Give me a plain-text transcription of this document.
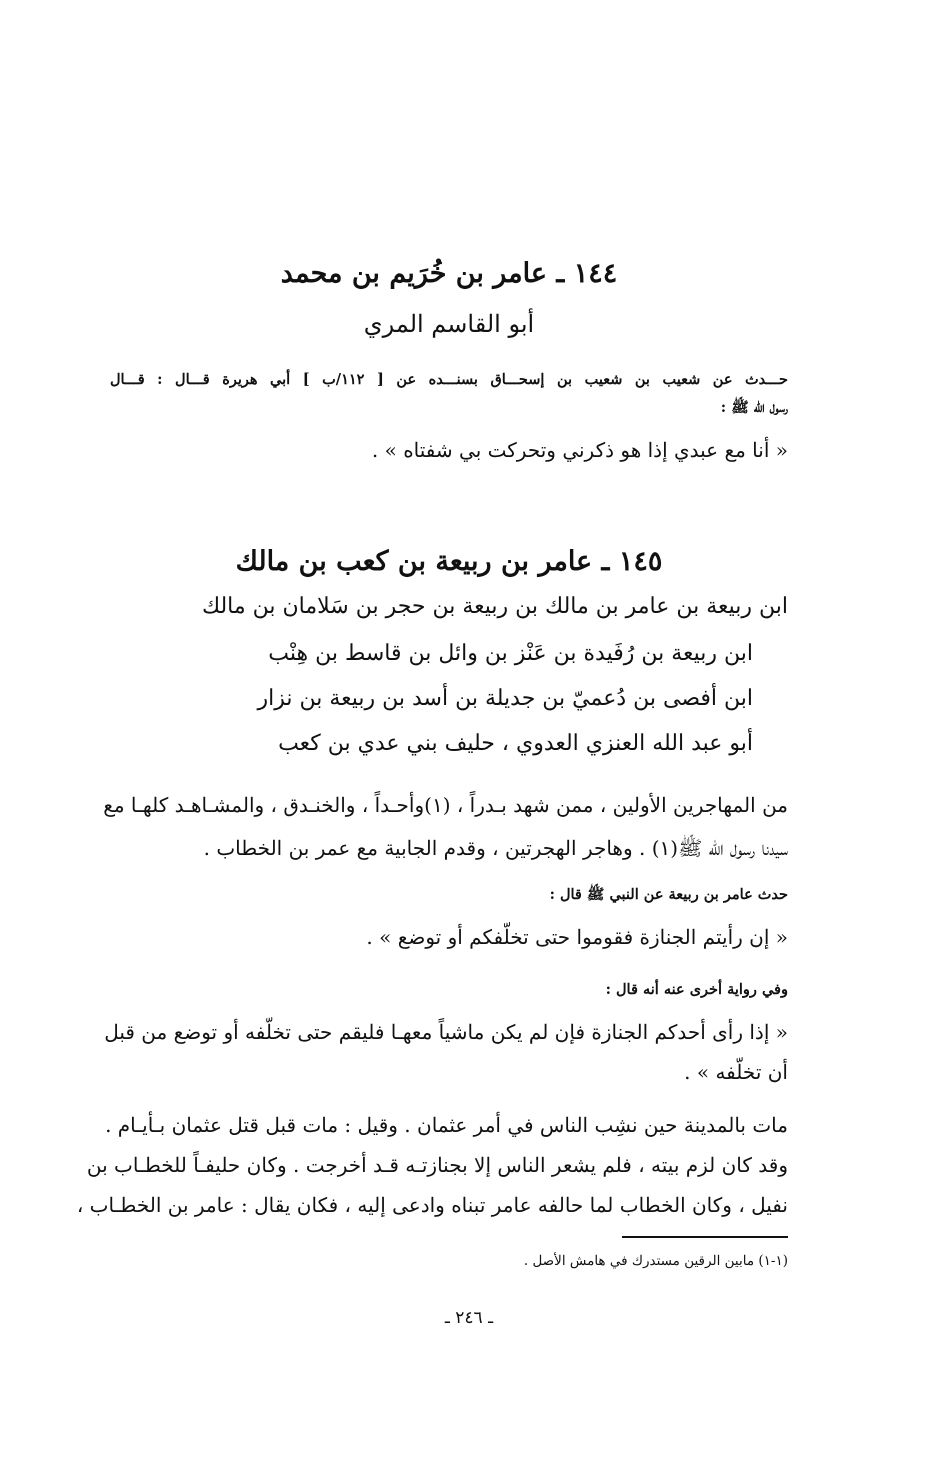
١٤٤ ـ عامر بن خُرَيم بن محمد
أبو القاسم المري
حـــدث عن شعيب بن شعيب بن إسحـــاق بسنـــده عن [ ١١٢/ب ] أبي هريرة قـــال : قـــال
رسول الله ﷺ :
« أنا مع عبدي إذا هو ذكرني وتحركت بي شفتاه » .
١٤٥ ـ عامر بن ربيعة بن كعب بن مالك
ابن ربيعة بن عامر بن مالك بن ربيعة بن حجر بن سَلامان بن مالك
ابن ربيعة بن رُفَيدة بن عَنْز بن وائل بن قاسط بن هِنْب
ابن أفصى بن دُعميّ بن جديلة بن أسد بن ربيعة بن نزار
أبو عبد الله العنزي العدوي ، حليف بني عدي بن كعب
من المهاجرين الأولين ، ممن شهد بـدراً ، (١)وأحـداً ، والخنـدق ، والمشـاهـد كلهـا مع
سيدنا رسول الله ﷺ(١) . وهاجر الهجرتين ، وقدم الجابية مع عمر بن الخطاب .
حدث عامر بن ربيعة عن النبي ﷺ قال :
« إن رأيتم الجنازة فقوموا حتى تخلّفكم أو توضع » .
وفي رواية أخرى عنه أنه قال :
« إذا رأى أحدكم الجنازة فإن لم يكن ماشياً معهـا فليقم حتى تخلّفه أو توضع من قبل
أن تخلّفه » .
مات بالمدينة حين نشِب الناس في أمر عثمان . وقيل : مات قبل قتل عثمان بـأيـام .
وقد كان لزم بيته ، فلم يشعر الناس إلا بجنازتـه قـد أخرجت . وكان حليفـاً للخطـاب بن
نفيل ، وكان الخطاب لما حالفه عامر تبناه وادعى إليه ، فكان يقال : عامر بن الخطـاب ،
(١-١) مابين الرقين مستدرك في هامش الأصل .
ـ ٢٤٦ ـ
